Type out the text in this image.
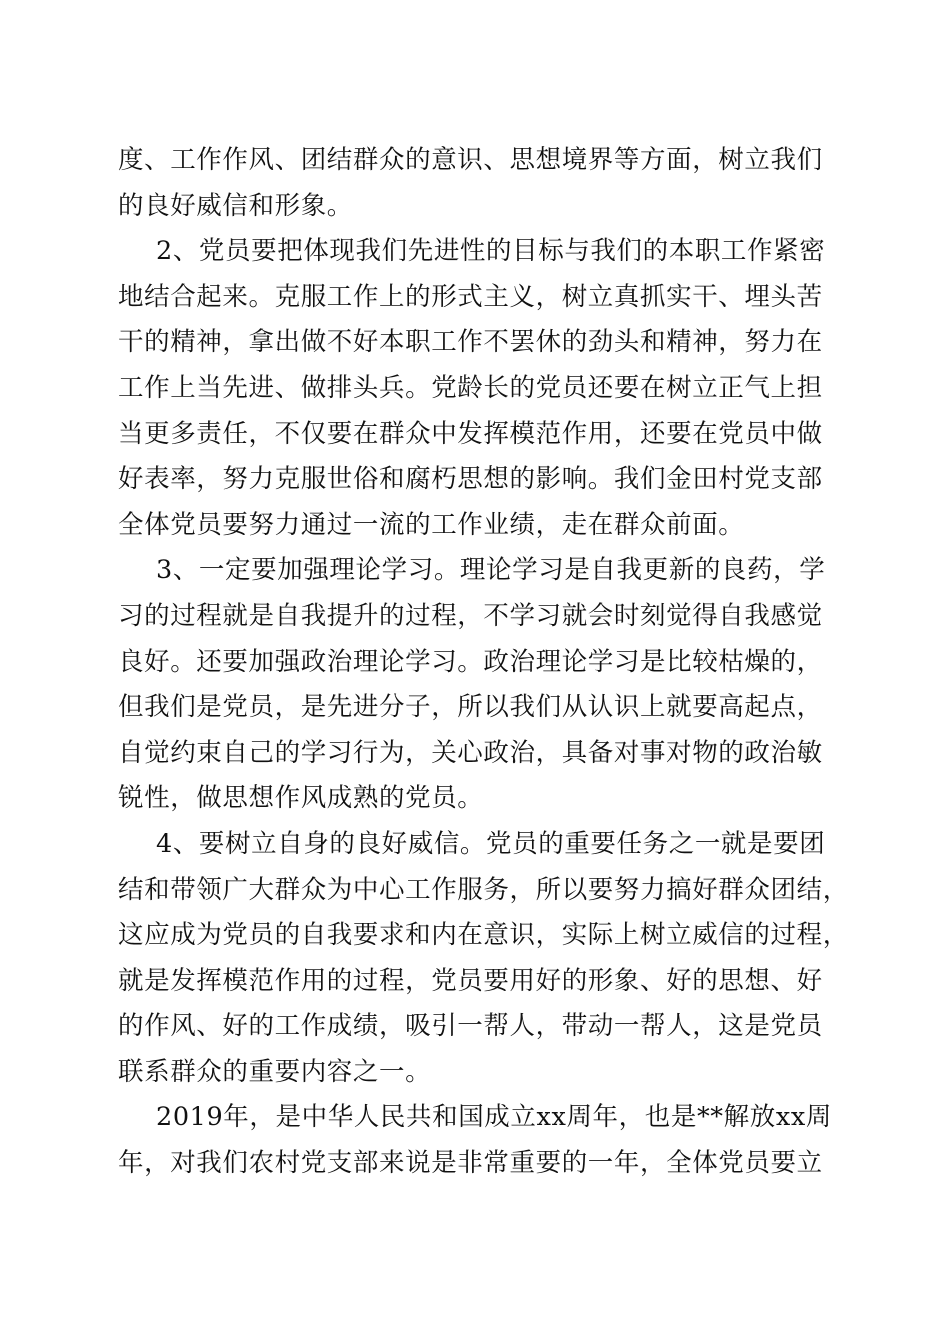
度、工作作风、团结群众的意识、思想境界等方面，树立我们
的良好威信和形象。

2、党员要把体现我们先进性的目标与我们的本职工作紧密
地结合起来。克服工作上的形式主义，树立真抓实干、埋头苦
干的精神，拿出做不好本职工作不罢休的劲头和精神，努力在
工作上当先进、做排头兵。党龄长的党员还要在树立正气上担
当更多责任，不仅要在群众中发挥模范作用，还要在党员中做
好表率，努力克服世俗和腐朽思想的影响。我们金田村党支部
全体党员要努力通过一流的工作业绩，走在群众前面。

3、一定要加强理论学习。理论学习是自我更新的良药，学
习的过程就是自我提升的过程，不学习就会时刻觉得自我感觉
良好。还要加强政治理论学习。政治理论学习是比较枯燥的，
但我们是党员，是先进分子，所以我们从认识上就要高起点，
自觉约束自己的学习行为，关心政治，具备对事对物的政治敏
锐性，做思想作风成熟的党员。

4、要树立自身的良好威信。党员的重要任务之一就是要团
结和带领广大群众为中心工作服务，所以要努力搞好群众团结，
这应成为党员的自我要求和内在意识，实际上树立威信的过程，
就是发挥模范作用的过程，党员要用好的形象、好的思想、好
的作风、好的工作成绩，吸引一帮人，带动一帮人，这是党员
联系群众的重要内容之一。

2019年，是中华人民共和国成立xx周年，也是**解放xx周
年，对我们农村党支部来说是非常重要的一年，全体党员要立
